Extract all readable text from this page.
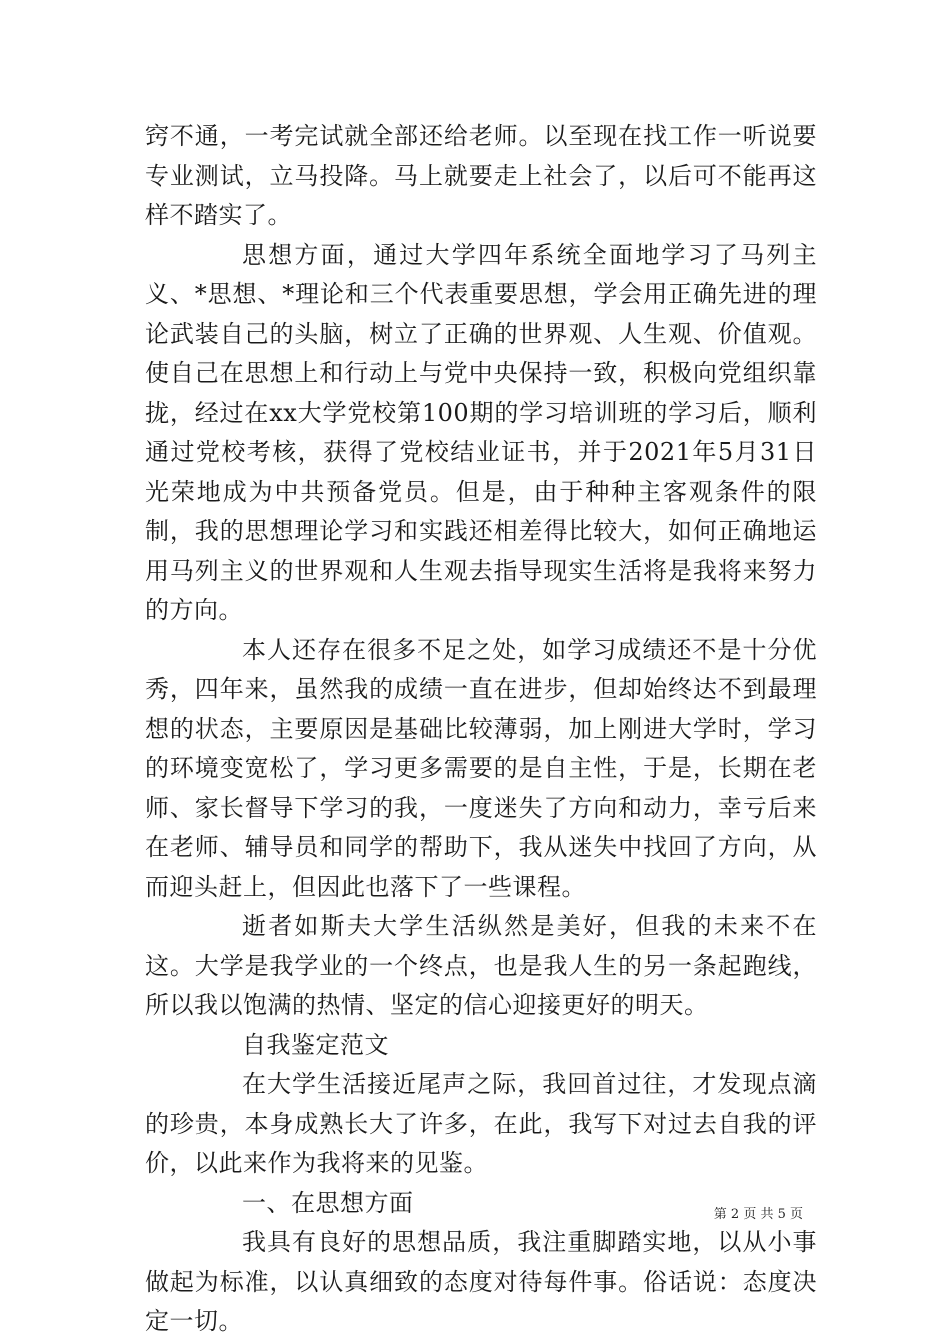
窍不通，一考完试就全部还给老师。以至现在找工作一听说要专业测试，立马投降。马上就要走上社会了，以后可不能再这样不踏实了。

思想方面，通过大学四年系统全面地学习了马列主义、*思想、*理论和三个代表重要思想，学会用正确先进的理论武装自己的头脑，树立了正确的世界观、人生观、价值观。使自己在思想上和行动上与党中央保持一致，积极向党组织靠拢，经过在xx大学党校第100期的学习培训班的学习后，顺利通过党校考核，获得了党校结业证书，并于2021年5月31日光荣地成为中共预备党员。但是，由于种种主客观条件的限制，我的思想理论学习和实践还相差得比较大，如何正确地运用马列主义的世界观和人生观去指导现实生活将是我将来努力的方向。

本人还存在很多不足之处，如学习成绩还不是十分优秀，四年来，虽然我的成绩一直在进步，但却始终达不到最理想的状态，主要原因是基础比较薄弱，加上刚进大学时，学习的环境变宽松了，学习更多需要的是自主性，于是，长期在老师、家长督导下学习的我，一度迷失了方向和动力，幸亏后来在老师、辅导员和同学的帮助下，我从迷失中找回了方向，从而迎头赶上，但因此也落下了一些课程。

逝者如斯夫大学生活纵然是美好，但我的未来不在这。大学是我学业的一个终点，也是我人生的另一条起跑线，所以我以饱满的热情、坚定的信心迎接更好的明天。

自我鉴定范文

在大学生活接近尾声之际，我回首过往，才发现点滴的珍贵，本身成熟长大了许多，在此，我写下对过去自我的评价，以此来作为我将来的见鉴。

一、在思想方面

我具有良好的思想品质，我注重脚踏实地，以从小事做起为标准，以认真细致的态度对待每件事。俗话说：态度决定一切。

第 2 页 共 5 页
